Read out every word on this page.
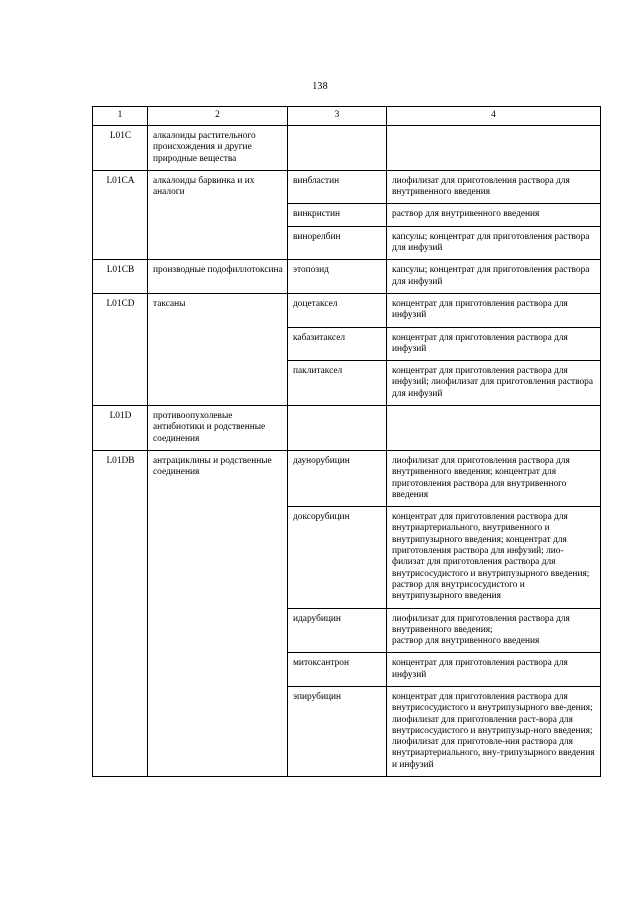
138
1	2	3	4
L01C	алкалоиды растительного происхождения и другие природные вещества		
L01CA	алкалоиды барвинка и их аналоги	винбластин	лиофилизат для приготовления раствора для внутривенного введения
		винкристин	раствор для внутривенного введения
		винорелбин	капсулы; концентрат для приготовления раствора для инфузий
L01CB	производные подофиллотоксина	этопозид	капсулы; концентрат для приготовления раствора для инфузий
L01CD	таксаны	доцетаксел	концентрат для приготовления раствора для инфузий
		кабазитаксел	концентрат для приготовления раствора для инфузий
		паклитаксел	концентрат для приготовления раствора для инфузий; лиофилизат для приготовления раствора для инфузий
L01D	противоопухолевые антибиотики и родственные соединения		
L01DB	антрациклины и родственные соединения	даунорубицин	лиофилизат для приготовления раствора для внутривенного введения; концентрат для приготовления раствора для внутривенного введения
		доксорубицин	концентрат для приготовления раствора для внутриартериального, внутривенного и внутрипузырного введения; концентрат для приготовления раствора для инфузий; лио-филизат для приготовления раствора для внутрисосудистого и внутрипузырного введения; раствор для внутрисосудистого и внутрипузырного введения
		идарубицин	лиофилизат для приготовления раствора для внутривенного введения;
раствор для внутривенного введения
		митоксантрон	концентрат для приготовления раствора для инфузий
		эпирубицин	концентрат для приготовления раствора для внутрисосудистого и внутрипузырного вве-дения; лиофилизат для приготовления раст-вора для внутрисосудистого и внутрипузыр-ного введения; лиофилизат для приготовле-ния раствора для внутриартериального, вну-трипузырного введения и инфузий
